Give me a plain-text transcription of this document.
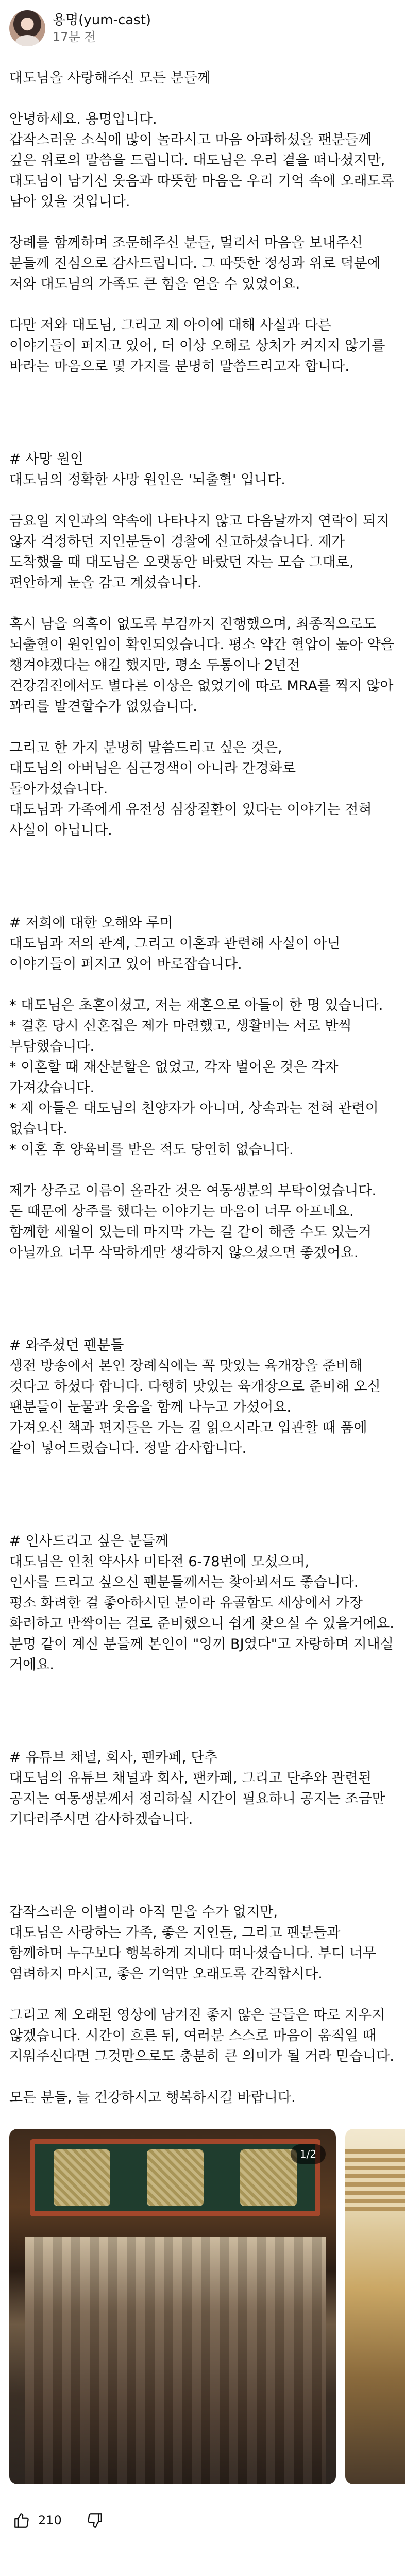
용명(yum-cast)
17분 전

대도님을 사랑해주신 모든 분들께

안녕하세요. 용명입니다.
갑작스러운 소식에 많이 놀라시고 마음 아파하셨을 팬분들께 깊은 위로의 말씀을 드립니다. 대도님은 우리 곁을 떠나셨지만, 대도님이 남기신 웃음과 따뜻한 마음은 우리 기억 속에 오래도록 남아 있을 것입니다.

장례를 함께하며 조문해주신 분들, 멀리서 마음을 보내주신 분들께 진심으로 감사드립니다. 그 따뜻한 정성과 위로 덕분에 저와 대도님의 가족도 큰 힘을 얻을 수 있었어요.

다만 저와 대도님, 그리고 제 아이에 대해 사실과 다른 이야기들이 퍼지고 있어, 더 이상 오해로 상처가 커지지 않기를 바라는 마음으로 몇 가지를 분명히 말씀드리고자 합니다.

# 사망 원인
대도님의 정확한 사망 원인은 '뇌출혈' 입니다.

금요일 지인과의 약속에 나타나지 않고 다음날까지 연락이 되지 않자 걱정하던 지인분들이 경찰에 신고하셨습니다. 제가 도착했을 때 대도님은 오랫동안 바랐던 자는 모습 그대로, 편안하게 눈을 감고 계셨습니다.

혹시 남을 의혹이 없도록 부검까지 진행했으며, 최종적으로도 뇌출혈이 원인임이 확인되었습니다. 평소 약간 혈압이 높아 약을 챙겨야겠다는 얘길 했지만, 평소 두통이나 2년전 건강검진에서도 별다른 이상은 없었기에 따로 MRA를 찍지 않아 꽈리를 발견할수가 없었습니다.

그리고 한 가지 분명히 말씀드리고 싶은 것은,
대도님의 아버님은 심근경색이 아니라 간경화로 돌아가셨습니다.
대도님과 가족에게 유전성 심장질환이 있다는 이야기는 전혀 사실이 아닙니다.

# 저희에 대한 오해와 루머
대도님과 저의 관계, 그리고 이혼과 관련해 사실이 아닌 이야기들이 퍼지고 있어 바로잡습니다.

* 대도님은 초혼이셨고, 저는 재혼으로 아들이 한 명 있습니다.
* 결혼 당시 신혼집은 제가 마련했고, 생활비는 서로 반씩 부담했습니다.
* 이혼할 때 재산분할은 없었고, 각자 벌어온 것은 각자 가져갔습니다.
* 제 아들은 대도님의 친양자가 아니며, 상속과는 전혀 관련이 없습니다.
* 이혼 후 양육비를 받은 적도 당연히 없습니다.

제가 상주로 이름이 올라간 것은 여동생분의 부탁이었습니다.
돈 때문에 상주를 했다는 이야기는 마음이 너무 아프네요.
함께한 세월이 있는데 마지막 가는 길 같이 해줄 수도 있는거 아닐까요 너무 삭막하게만 생각하지 않으셨으면 좋겠어요.

# 와주셨던 팬분들
생전 방송에서 본인 장례식에는 꼭 맛있는 육개장을 준비해 것다고 하셨다 합니다. 다행히 맛있는 육개장으로 준비해 오신 팬분들이 눈물과 웃음을 함께 나누고 가셨어요.
가져오신 책과 편지들은 가는 길 읽으시라고 입관할 때 품에 같이 넣어드렸습니다. 정말 감사합니다.

# 인사드리고 싶은 분들께
대도님은 인천 약사사 미타전 6-78번에 모셨으며,
인사를 드리고 싶으신 팬분들께서는 찾아뵈셔도 좋습니다.
평소 화려한 걸 좋아하시던 분이라 유골함도 세상에서 가장 화려하고 반짝이는 걸로 준비했으니 쉽게 찾으실 수 있을거에요.
분명 같이 계신 분들께 본인이 "잉끼 BJ였다"고 자랑하며 지내실 거에요.

# 유튜브 채널, 회사, 팬카페, 단추
대도님의 유튜브 채널과 회사, 팬카페, 그리고 단추와 관련된 공지는 여동생분께서 정리하실 시간이 필요하니 공지는 조금만 기다려주시면 감사하겠습니다.

갑작스러운 이별이라 아직 믿을 수가 없지만,
대도님은 사랑하는 가족, 좋은 지인들, 그리고 팬분들과 함께하며 누구보다 행복하게 지내다 떠나셨습니다. 부디 너무 염려하지 마시고, 좋은 기억만 오래도록 간직합시다.

그리고 제 오래된 영상에 남겨진 좋지 않은 글들은 따로 지우지 않겠습니다. 시간이 흐른 뒤, 여러분 스스로 마음이 움직일 때 지워주신다면 그것만으로도 충분히 큰 의미가 될 거라 믿습니다.

모든 분들, 늘 건강하시고 행복하시길 바랍니다.

1/2
210
